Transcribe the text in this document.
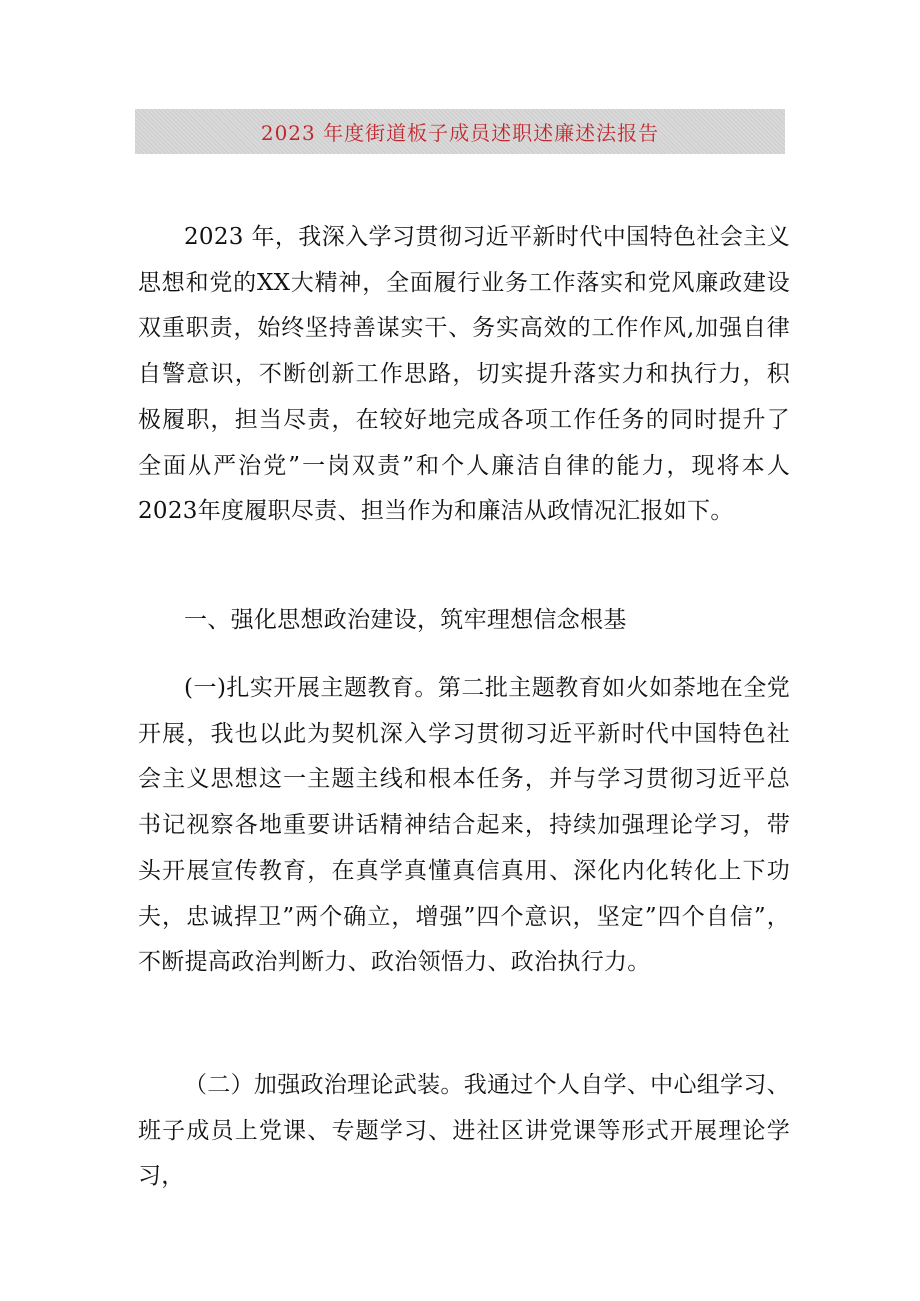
2023 年度街道板子成员述职述廉述法报告

2023 年，我深入学习贯彻习近平新时代中国特色社会主义思想和党的XX大精神，全面履行业务工作落实和党风廉政建设双重职责，始终坚持善谋实干、务实高效的工作作风,加强自律自警意识，不断创新工作思路，切实提升落实力和执行力，积极履职，担当尽责，在较好地完成各项工作任务的同时提升了全面从严治党”一岗双责”和个人廉洁自律的能力，现将本人2023年度履职尽责、担当作为和廉洁从政情况汇报如下。

一、强化思想政治建设，筑牢理想信念根基

(一)扎实开展主题教育。第二批主题教育如火如荼地在全党开展，我也以此为契机深入学习贯彻习近平新时代中国特色社会主义思想这一主题主线和根本任务，并与学习贯彻习近平总书记视察各地重要讲话精神结合起来，持续加强理论学习，带头开展宣传教育，在真学真懂真信真用、深化内化转化上下功夫，忠诚捍卫”两个确立，增强”四个意识，坚定”四个自信”，不断提高政治判断力、政治领悟力、政治执行力。

（二）加强政治理论武装。我通过个人自学、中心组学习、班子成员上党课、专题学习、进社区讲党课等形式开展理论学习，
